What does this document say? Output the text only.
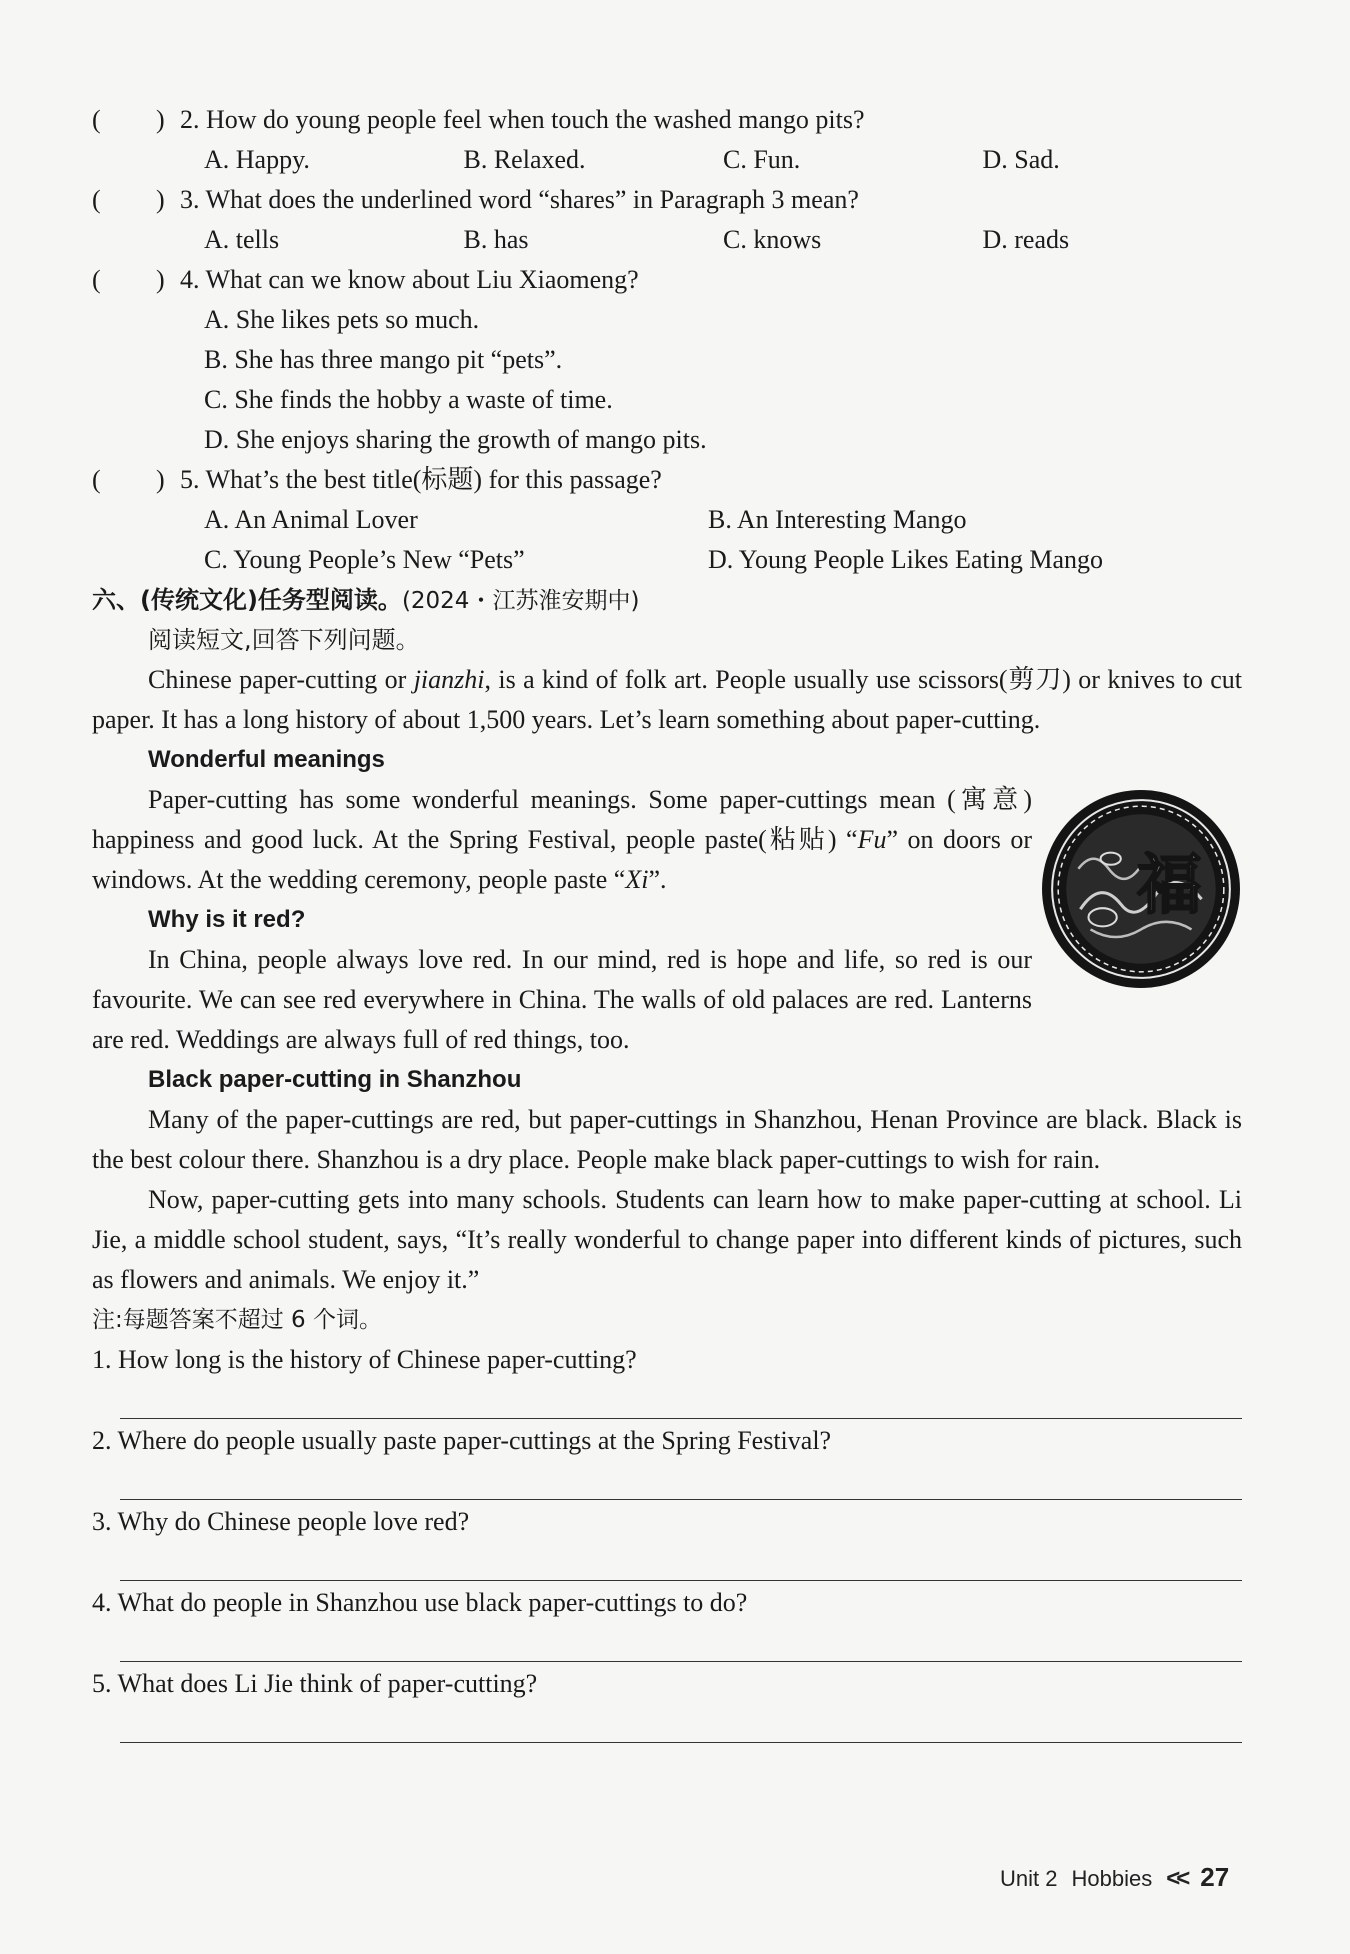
(	) 2. How do young people feel when touch the washed mango pits?
A. Happy.	B. Relaxed.	C. Fun.	D. Sad.
(	) 3. What does the underlined word “shares” in Paragraph 3 mean?
A. tells	B. has	C. knows	D. reads
(	) 4. What can we know about Liu Xiaomeng?
A. She likes pets so much.
B. She has three mango pit “pets”.
C. She finds the hobby a waste of time.
D. She enjoys sharing the growth of mango pits.
(	) 5. What’s the best title(标题) for this passage?
A. An Animal Lover	B. An Interesting Mango
C. Young People’s New “Pets”	D. Young People Likes Eating Mango
六、(传统文化)任务型阅读。(2024・江苏淮安期中)
阅读短文,回答下列问题。

Chinese paper-cutting or jianzhi, is a kind of folk art. People usually use scissors(剪刀) or knives to cut paper. It has a long history of about 1,500 years. Let’s learn something about paper-cutting.

Wonderful meanings
福

Paper-cutting has some wonderful meanings. Some paper-cuttings mean (寓意) happiness and good luck. At the Spring Festival, people paste(粘贴) “Fu” on doors or windows. At the wedding ceremony, people paste “Xi”.

Why is it red?

In China, people always love red. In our mind, red is hope and life, so red is our favourite. We can see red everywhere in China. The walls of old palaces are red. Lanterns are red. Weddings are always full of red things, too.

Black paper-cutting in Shanzhou

Many of the paper-cuttings are red, but paper-cuttings in Shanzhou, Henan Province are black. Black is the best colour there. Shanzhou is a dry place. People make black paper-cuttings to wish for rain.

Now, paper-cutting gets into many schools. Students can learn how to make paper-cutting at school. Li Jie, a middle school student, says, “It’s really wonderful to change paper into different kinds of pictures, such as flowers and animals. We enjoy it.”

注:每题答案不超过 6 个词。
1. How long is the history of Chinese paper-cutting?
2. Where do people usually paste paper-cuttings at the Spring Festival?
3. Why do Chinese people love red?
4. What do people in Shanzhou use black paper-cuttings to do?
5. What does Li Jie think of paper-cutting?
Unit 2 Hobbies << 27
